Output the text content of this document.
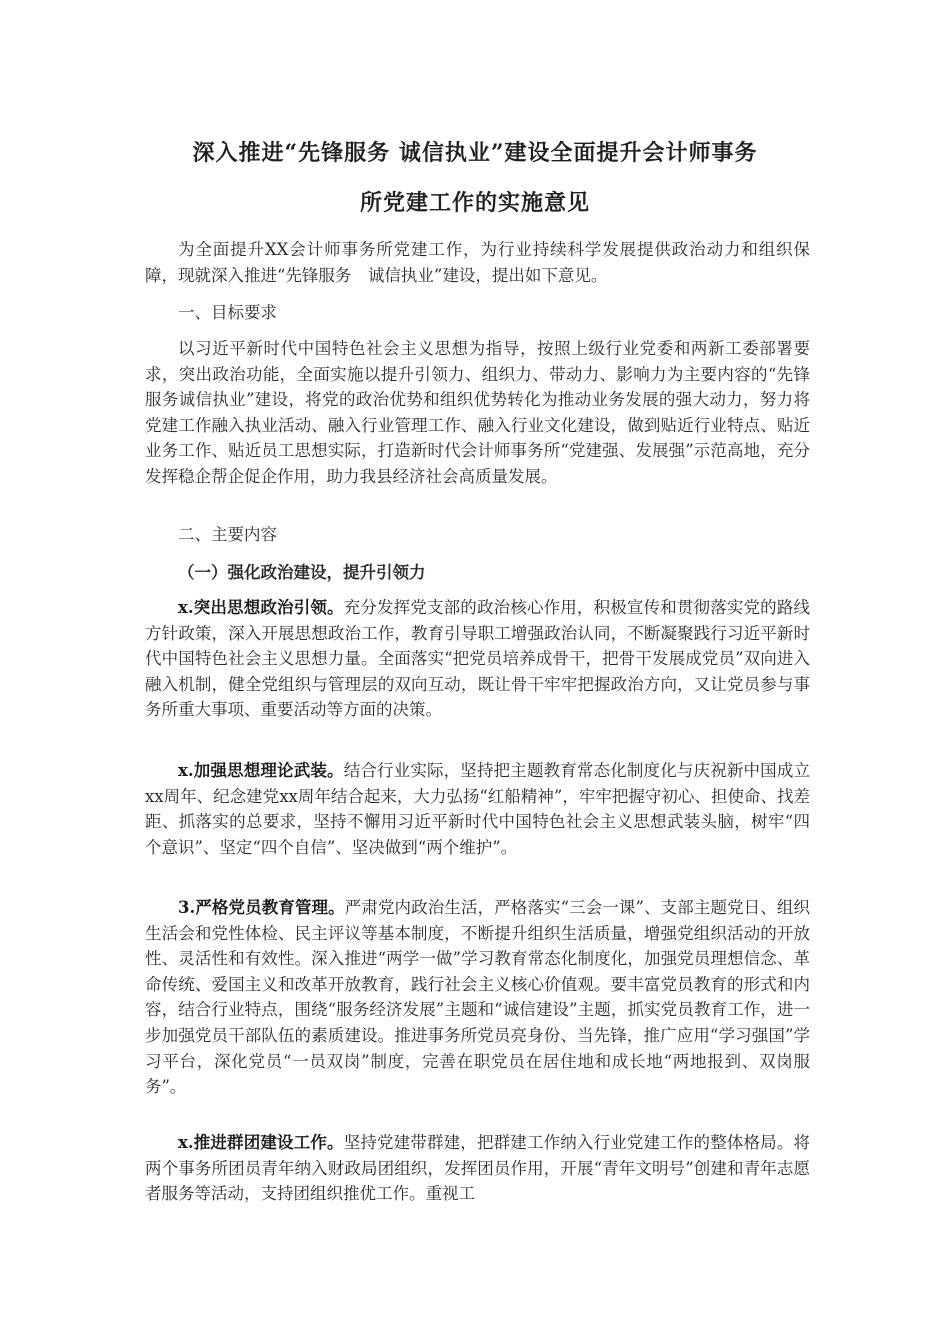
深入推进“先锋服务 诚信执业”建设全面提升会计师事务
所党建工作的实施意见

为全面提升XX会计师事务所党建工作，为行业持续科学发展提供政治动力和组织保障，现就深入推进“先锋服务　诚信执业”建设，提出如下意见。

一、目标要求

以习近平新时代中国特色社会主义思想为指导，按照上级行业党委和两新工委部署要求，突出政治功能，全面实施以提升引领力、组织力、带动力、影响力为主要内容的“先锋服务诚信执业”建设，将党的政治优势和组织优势转化为推动业务发展的强大动力，努力将党建工作融入执业活动、融入行业管理工作、融入行业文化建设，做到贴近行业特点、贴近业务工作、贴近员工思想实际，打造新时代会计师事务所“党建强、发展强”示范高地，充分发挥稳企帮企促企作用，助力我县经济社会高质量发展。

二、主要内容

（一）强化政治建设，提升引领力

x.突出思想政治引领。充分发挥党支部的政治核心作用，积极宣传和贯彻落实党的路线方针政策，深入开展思想政治工作，教育引导职工增强政治认同，不断凝聚践行习近平新时代中国特色社会主义思想力量。全面落实“把党员培养成骨干，把骨干发展成党员”双向进入融入机制，健全党组织与管理层的双向互动，既让骨干牢牢把握政治方向，又让党员参与事务所重大事项、重要活动等方面的决策。

x.加强思想理论武装。结合行业实际，坚持把主题教育常态化制度化与庆祝新中国成立xx周年、纪念建党xx周年结合起来，大力弘扬“红船精神”，牢牢把握守初心、担使命、找差距、抓落实的总要求，坚持不懈用习近平新时代中国特色社会主义思想武装头脑，树牢“四个意识”、坚定“四个自信”、坚决做到“两个维护”。

3.严格党员教育管理。严肃党内政治生活，严格落实“三会一课”、支部主题党日、组织生活会和党性体检、民主评议等基本制度，不断提升组织生活质量，增强党组织活动的开放性、灵活性和有效性。深入推进“两学一做”学习教育常态化制度化，加强党员理想信念、革命传统、爱国主义和改革开放教育，践行社会主义核心价值观。要丰富党员教育的形式和内容，结合行业特点，围绕“服务经济发展”主题和“诚信建设”主题，抓实党员教育工作，进一步加强党员干部队伍的素质建设。推进事务所党员亮身份、当先锋，推广应用“学习强国”学习平台，深化党员“一员双岗”制度，完善在职党员在居住地和成长地“两地报到、双岗服务”。

x.推进群团建设工作。坚持党建带群建，把群建工作纳入行业党建工作的整体格局。将两个事务所团员青年纳入财政局团组织，发挥团员作用，开展“青年文明号”创建和青年志愿者服务等活动，支持团组织推优工作。重视工
